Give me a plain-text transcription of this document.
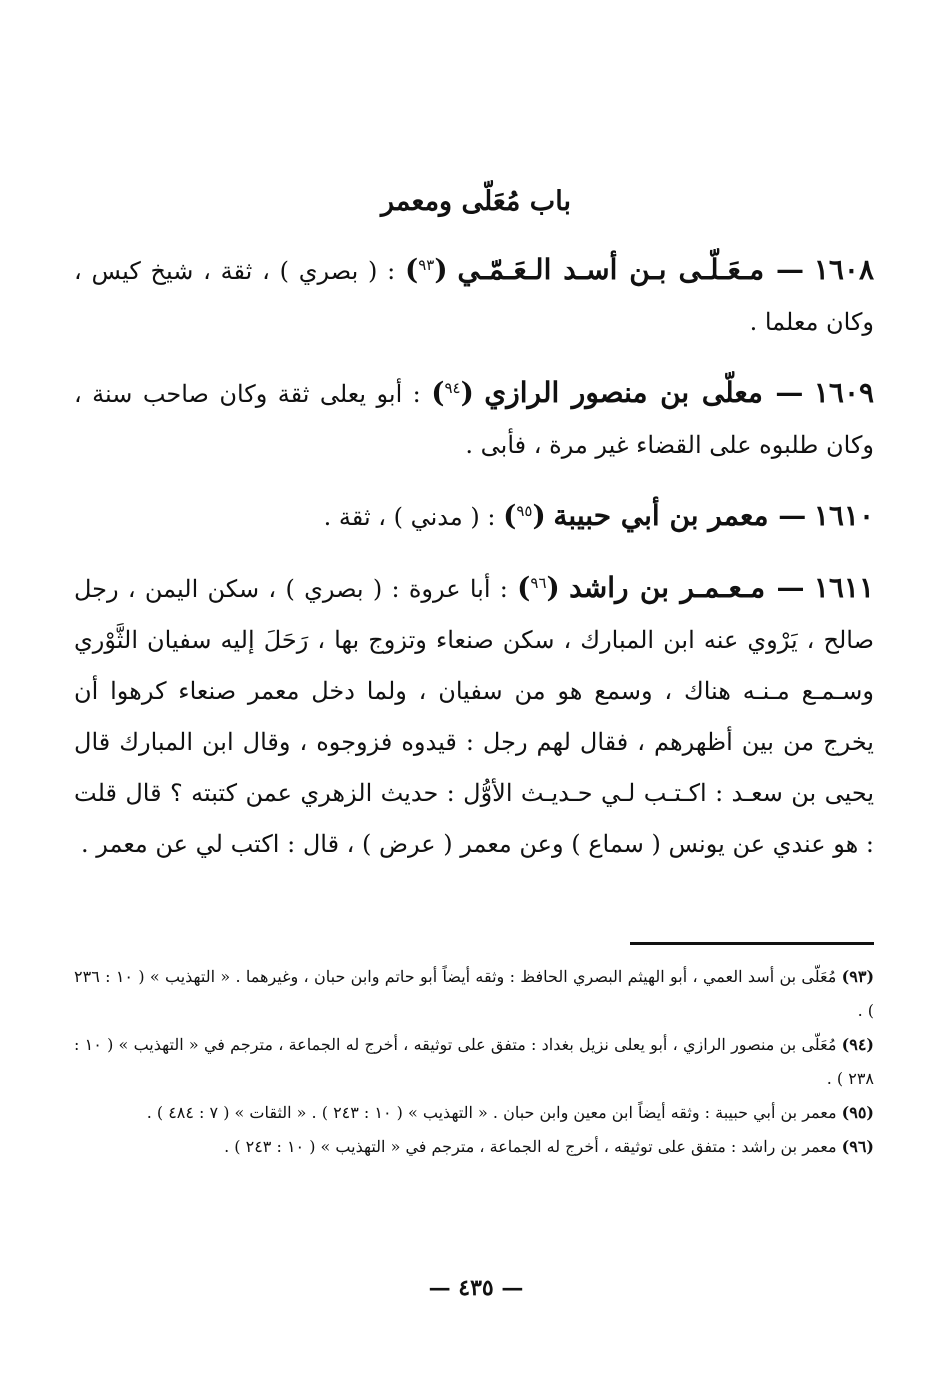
باب مُعَلّى ومعمر
١٦٠٨ — مـعَـلّـى بـن أسـد الـعَـمّـي ($^{٩٣}$) : ( بصري ) ، ثقة ، شيخ كيس ، وكان معلما .
١٦٠٩ — معلّى بن منصور الرازي ($^{٩٤}$) : أبو يعلى ثقة وكان صاحب سنة ، وكان طلبوه على القضاء غير مرة ، فأبى .
١٦١٠ — معمر بن أبي حبيبة ($^{٩٥}$) : ( مدني ) ، ثقة .
١٦١١ — مـعـمـر بن راشد ($^{٩٦}$) : أبا عروة : ( بصري ) ، سكن اليمن ، رجل صالح ، يَرْوي عنه ابن المبارك ، سكن صنعاء وتزوج بها ، رَحَلَ إليه سفيان الثَّوْري وسـمـع مـنـه هناك ، وسمع هو من سفيان ، ولما دخل معمر صنعاء كرهوا أن يخرج من بين أظهرهم ، فقال لهم رجل : قيدوه فزوجوه ، وقال ابن المبارك قال يحيى بن سعـد : اكـتـب لـي حـديـث الأوُّل : حديث الزهري عمن كتبته ؟ قال قلت : هو عندي عن يونس ( سماع ) وعن معمر ( عرض ) ، قال : اكتب لي عن معمر .

(٩٣) مُعَلّى بن أسد العمي ، أبو الهيثم البصري الحافظ : وثقه أيضاً أبو حاتم وابن حبان ، وغيرهما . « التهذيب » ( ١٠ : ٢٣٦ ) .

(٩٤) مُعَلّى بن منصور الرازي ، أبو يعلى نزيل بغداد : متفق على توثيقه ، أخرج له الجماعة ، مترجم في « التهذيب » ( ١٠ : ٢٣٨ ) .

(٩٥) معمر بن أبي حبيبة : وثقه أيضاً ابن معين وابن حبان . « التهذيب » ( ١٠ : ٢٤٣ ) . « الثقات » ( ٧ : ٤٨٤ ) .

(٩٦) معمر بن راشد : متفق على توثيقه ، أخرج له الجماعة ، مترجم في « التهذيب » ( ١٠ : ٢٤٣ ) .

— ٤٣٥ —
